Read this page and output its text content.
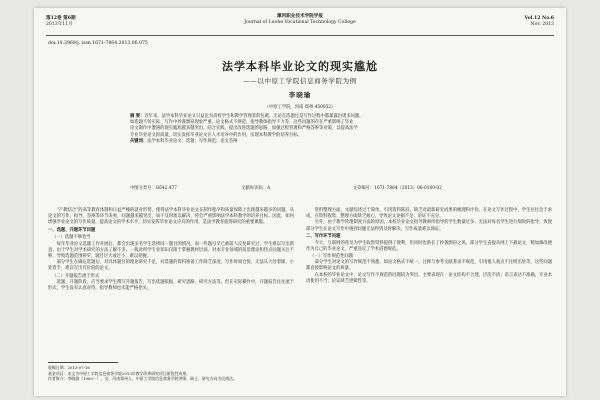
第12卷 第6期
2013年11月
漯河职业技术学院学报
Journal of Luohe Vocational Technology College
Vol.12 No.6
Nov. 2013
doi:10.3969/j. issn.1671-7864.2013.06.075
法学本科毕业论文的现实尴尬
——以中原工学院信息商务学院为例
李晓瑜
（中原工学院，河南 郑州 450052）
摘 要：近年来，法学本科毕业论文日益沦为高校学生和教学管理者的包袱，无论在选题还是写作过程中都暴露出诸多问题，
如选题不切实际、写作中抄袭剽窃现象严重、论文格式不规范、指导教师指导不力等。这些问题的存在严重影响了毕业
论文制作中遭遇的现实尴尬越来越突出。结合实践，提出改进选题的思路、加强过程管理和严格答辩等对策，以提高法学
专业毕业论文的质量，切实发挥毕业论文在人才培养中的作用，实现本科教学的培养目标。
关键词：法学本科毕业论文；选题；写作规范；论文答辩
中图分类号：G642.477	文献标识码：A	文章编号：1671-7864（2013）06-0169-02

“产教结合”的高等教育体制和日益严峻的就业形势，使得法学本科毕业论文在制作程序和质量保障上出现越来越多的问题。从论文的写作、指导、答辩等环节来看，问题越来越突出，如不及时加以解决，将会严重影响法学本科教学的培养目标。因此，如何增强毕业论文的写作质量，提高论文的学术水平，切实发挥毕业论文应有的作用，是法学教育值得研究的重要课题。

一、选题、开题环节问题

（一）选题不够恰当

每年毕业论文选题工作开展后，都会出现多名学生选择同一题目的情况，而一些题目早已被前人反复研究过，学生难以写出新意。由于学生对学术研究的方法了解不多，一般对所学专业知识仅限于掌握教材层面，对本专业领域的前沿理论和热点问题关注不够，导致选题范围狭窄，题目过大或过小，难以把握。

部分学生在确定选题后，对具体题目的理论研究不足，对选题的资料准备工作缺乏深度，写作时间仓促，无法从大处着眼、小处着手，难以写出有价值的论文。

（二）开题报告流于形式

选题、开题阶段，应当要求学生撰写开题报告，写出选题依据、研究思路、研究方法等。但在实际操作中，开题报告往往流于形式，学生没有认真对待，指导教师也未能严格把关。

资料整理方面，文献综述过于简单，引用资料陈旧，缺乏对最新研究成果的梳理和评价。在论文写作过程中，学生往往急于求成，在资料收集、整理方面缺乏耐心，导致论文论据不足、论证不充分。

另外，由于教学管理制度方面的原因，本校毕业论文指导教师所指导的学生数量过多，无法对每名学生进行细致的指导，致使部分学生在论文写作中遇到问题无法得到及时解决，写作质量难以保证。

二、写作环节问题

今天，互联网的普及为学生收集资料提供了便利，但同时也助长了抄袭剽窃之风。部分学生直接从网上下载论文，稍加修改便作为自己的毕业论文，严重违反了学术道德规范。

（一）写作规范性问题

部分学生对论文的写作规范不熟悉，如论文格式不统一，注释与参考文献著录不规范、引用他人观点不注明出处等，这些问题都直接影响论文的质量。

在本校的毕业论文中，论文写作不规范的问题较为突出，主要表现在：论文结构不合理，层次不清；语言表达不准确，专业术语使用不当；论证缺乏逻辑性等。

收稿日期：2013-07-16
基金项目：本文为中原工学院信息商务学院2013年教学改革研究项目阶段性成果。
作者简介：李晓瑜（1980－），女，河南郑州人，中原工学院信息商务学院讲师，硕士，研究方向为民商法。
